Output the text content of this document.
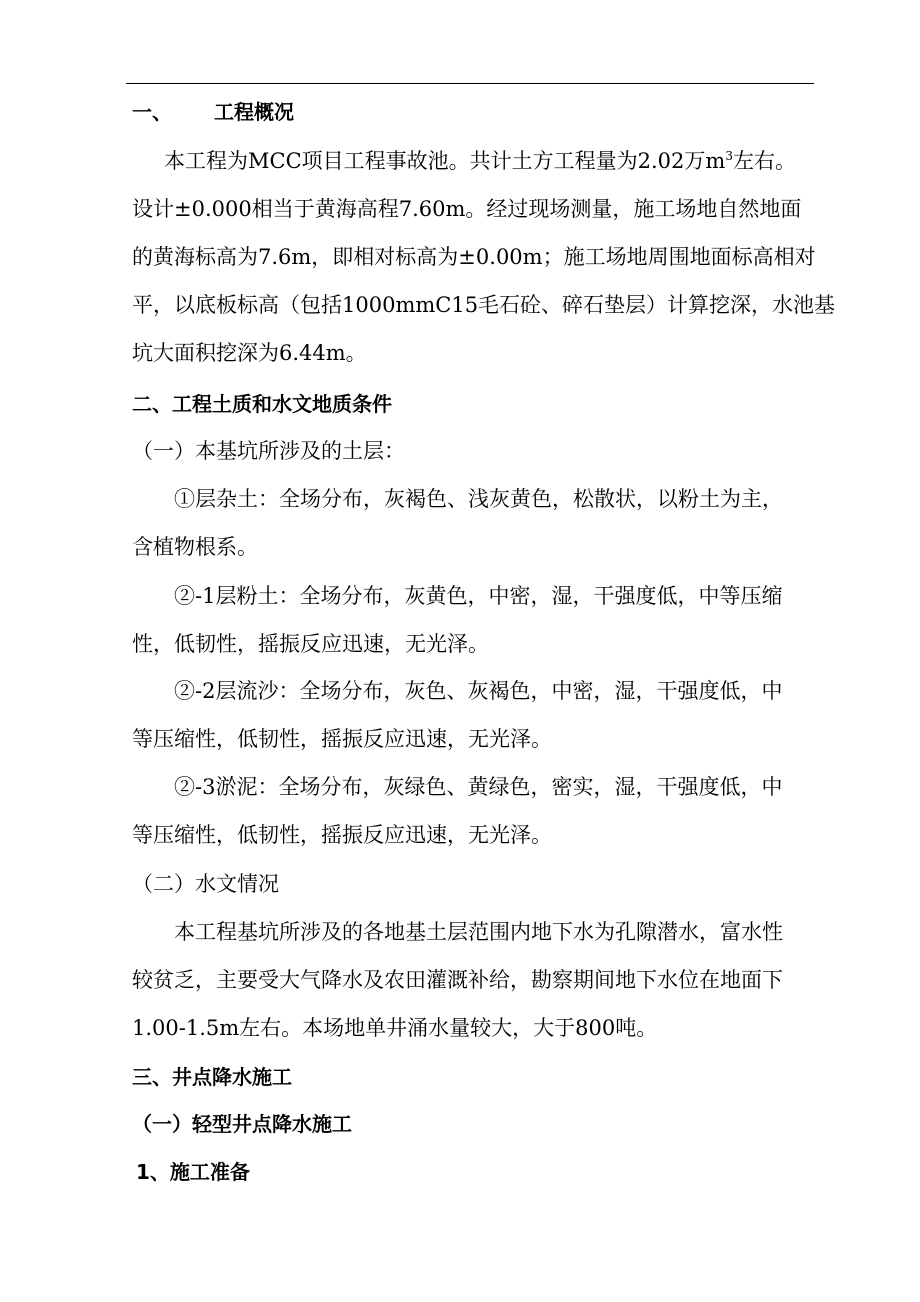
一、 工程概况
本工程为MCC项目工程事故池。共计土方工程量为2.02万$m^3$左右。
设计±0.000相当于黄海高程7.60m。经过现场测量，施工场地自然地面
的黄海标高为7.6m，即相对标高为±0.00m；施工场地周围地面标高相对
平，以底板标高（包括1000mmC15毛石砼、碎石垫层）计算挖深，水池基
坑大面积挖深为6.44m。
二、工程土质和水文地质条件
（一）本基坑所涉及的土层：
①层杂土：全场分布，灰褐色、浅灰黄色，松散状，以粉土为主，
含植物根系。
②-1层粉土：全场分布，灰黄色，中密，湿，干强度低，中等压缩
性，低韧性，摇振反应迅速，无光泽。
②-2层流沙：全场分布，灰色、灰褐色，中密，湿，干强度低，中
等压缩性，低韧性，摇振反应迅速，无光泽。
②-3淤泥：全场分布，灰绿色、黄绿色，密实，湿，干强度低，中
等压缩性，低韧性，摇振反应迅速，无光泽。
（二）水文情况
本工程基坑所涉及的各地基土层范围内地下水为孔隙潜水，富水性
较贫乏，主要受大气降水及农田灌溉补给，勘察期间地下水位在地面下
1.00-1.5m左右。本场地单井涌水量较大，大于800吨。
三、井点降水施工
（一）轻型井点降水施工
1、施工准备
